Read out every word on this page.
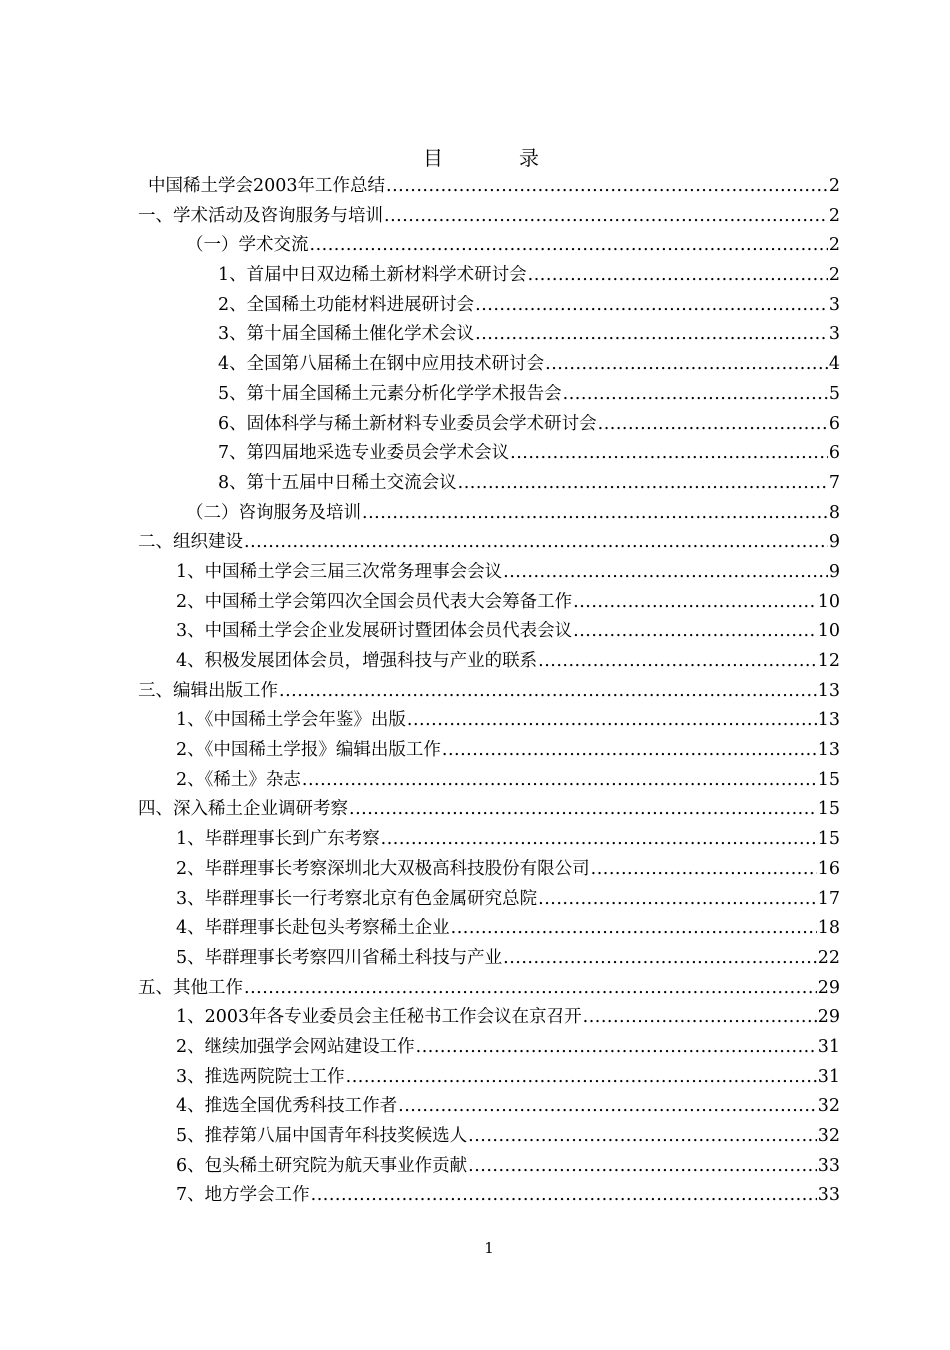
目　录
中国稀土学会2003年工作总结 .....	2
一、学术活动及咨询服务与培训 .....	2
（一）学术交流 .....	2
1、首届中日双边稀土新材料学术研讨会 .....	2
2、全国稀土功能材料进展研讨会 .....	3
3、第十届全国稀土催化学术会议 .....	3
4、全国第八届稀土在钢中应用技术研讨会 .....	4
5、第十届全国稀土元素分析化学学术报告会 .....	5
6、固体科学与稀土新材料专业委员会学术研讨会 .....	6
7、第四届地采选专业委员会学术会议 .....	6
8、第十五届中日稀土交流会议 .....	7
（二）咨询服务及培训 .....	8
二、组织建设 .....	9
1、中国稀土学会三届三次常务理事会会议 .....	9
2、中国稀土学会第四次全国会员代表大会筹备工作 .....	10
3、中国稀土学会企业发展研讨暨团体会员代表会议 .....	10
4、积极发展团体会员，增强科技与产业的联系 .....	12
三、编辑出版工作 .....	13
1、《中国稀土学会年鉴》出版 .....	13
2、《中国稀土学报》编辑出版工作 .....	13
2、《稀土》杂志 .....	15
四、深入稀土企业调研考察 .....	15
1、毕群理事长到广东考察 .....	15
2、毕群理事长考察深圳北大双极高科技股份有限公司 .....	16
3、毕群理事长一行考察北京有色金属研究总院 .....	17
4、毕群理事长赴包头考察稀土企业 .....	18
5、毕群理事长考察四川省稀土科技与产业 .....	22
五、其他工作 .....	29
1、2003年各专业委员会主任秘书工作会议在京召开 .....	29
2、继续加强学会网站建设工作 .....	31
3、推选两院院士工作 .....	31
4、推选全国优秀科技工作者 .....	32
5、推荐第八届中国青年科技奖候选人 .....	32
6、包头稀土研究院为航天事业作贡献 .....	33
7、地方学会工作 .....	33
1
